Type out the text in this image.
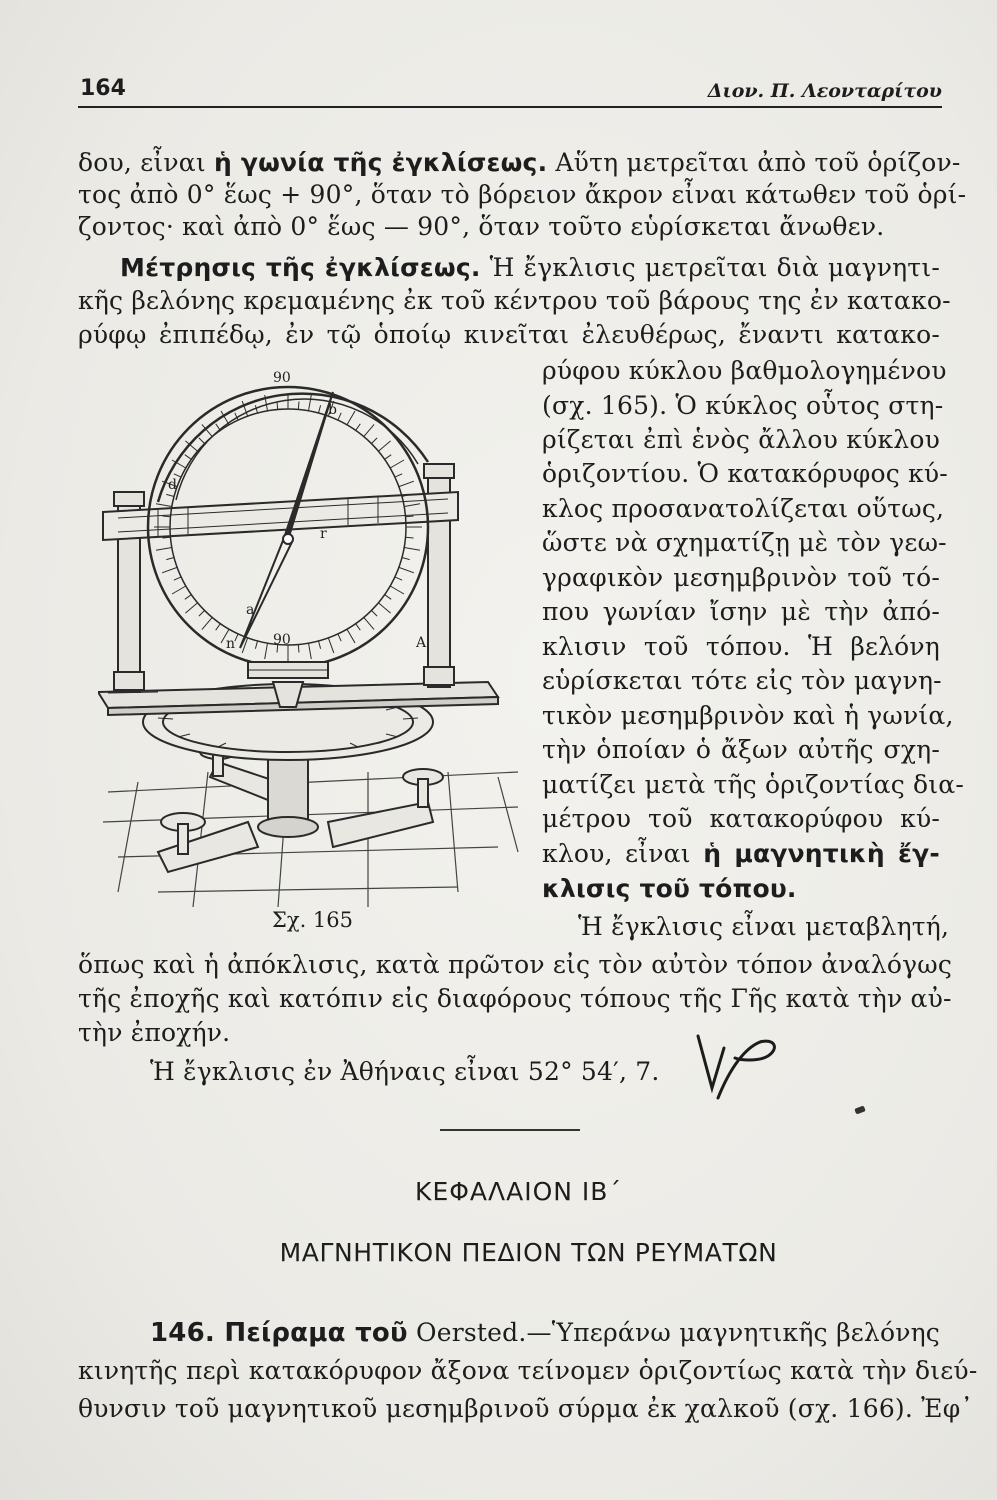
164	Διον. Π. Λεονταρίτου
δου, εἶναι ἡ γωνία τῆς ἐγκλίσεως. Αὕτη μετρεῖται ἀπὸ τοῦ ὁρίζον-
τος ἀπὸ 0° ἕως + 90°, ὅταν τὸ βόρειον ἄκρον εἶναι κάτωθεν τοῦ ὁρί-
ζοντος· καὶ ἀπὸ 0° ἕως — 90°, ὅταν τοῦτο εὑρίσκεται ἄνωθεν.
Μέτρησις τῆς ἐγκλίσεως. Ἡ ἔγκλισις μετρεῖται διὰ μαγνητι-
κῆς βελόνης κρεμαμένης ἐκ τοῦ κέντρου τοῦ βάρους της ἐν κατακο-
ρύφῳ ἐπιπέδῳ, ἐν τῷ ὁποίῳ κινεῖται ἐλευθέρως, ἔναντι κατακο-
ρύφου κύκλου βαθμολογημένου
(σχ. 165). Ὁ κύκλος οὗτος στη-
ρίζεται ἐπὶ ἑνὸς ἄλλου κύκλου
ὁριζοντίου. Ὁ κατακόρυφος κύ-
κλος προσανατολίζεται οὕτως,
ὥστε νὰ σχηματίζῃ μὲ τὸν γεω-
γραφικὸν μεσημβρινὸν τοῦ τό-
που γωνίαν ἴσην μὲ τὴν ἀπό-
κλισιν τοῦ τόπου. Ἡ βελόνη
εὑρίσκεται τότε εἰς τὸν μαγνη-
τικὸν μεσημβρινὸν καὶ ἡ γωνία,
τὴν ὁποίαν ὁ ἄξων αὐτῆς σχη-
ματίζει μετὰ τῆς ὁριζοντίας δια-
μέτρου τοῦ κατακορύφου κύ-
κλου, εἶναι ἡ μαγνητικὴ ἔγ-
κλισις τοῦ τόπου.
Ἡ ἔγκλισις εἶναι μεταβλητή,
90
b
d
r
a
90
n	A
Σχ. 165
ὅπως καὶ ἡ ἀπόκλισις, κατὰ πρῶτον εἰς τὸν αὐτὸν τόπον ἀναλόγως
τῆς ἐποχῆς καὶ κατόπιν εἰς διαφόρους τόπους τῆς Γῆς κατὰ τὴν αὐ-
τὴν ἐποχήν.
Ἡ ἔγκλισις ἐν Ἀθήναις εἶναι 52° 54′, 7.
ΚΕΦΑΛΑΙΟΝ ΙΒ΄
ΜΑΓΝΗΤΙΚΟΝ ΠΕΔΙΟΝ ΤΩΝ ΡΕΥΜΑΤΩΝ
146. Πείραμα τοῦ Oersted.—Ὑπεράνω μαγνητικῆς βελόνης
κινητῆς περὶ κατακόρυφον ἄξονα τείνομεν ὁριζοντίως κατὰ τὴν διεύ-
θυνσιν τοῦ μαγνητικοῦ μεσημβρινοῦ σύρμα ἐκ χαλκοῦ (σχ. 166). Ἐφ᾽
